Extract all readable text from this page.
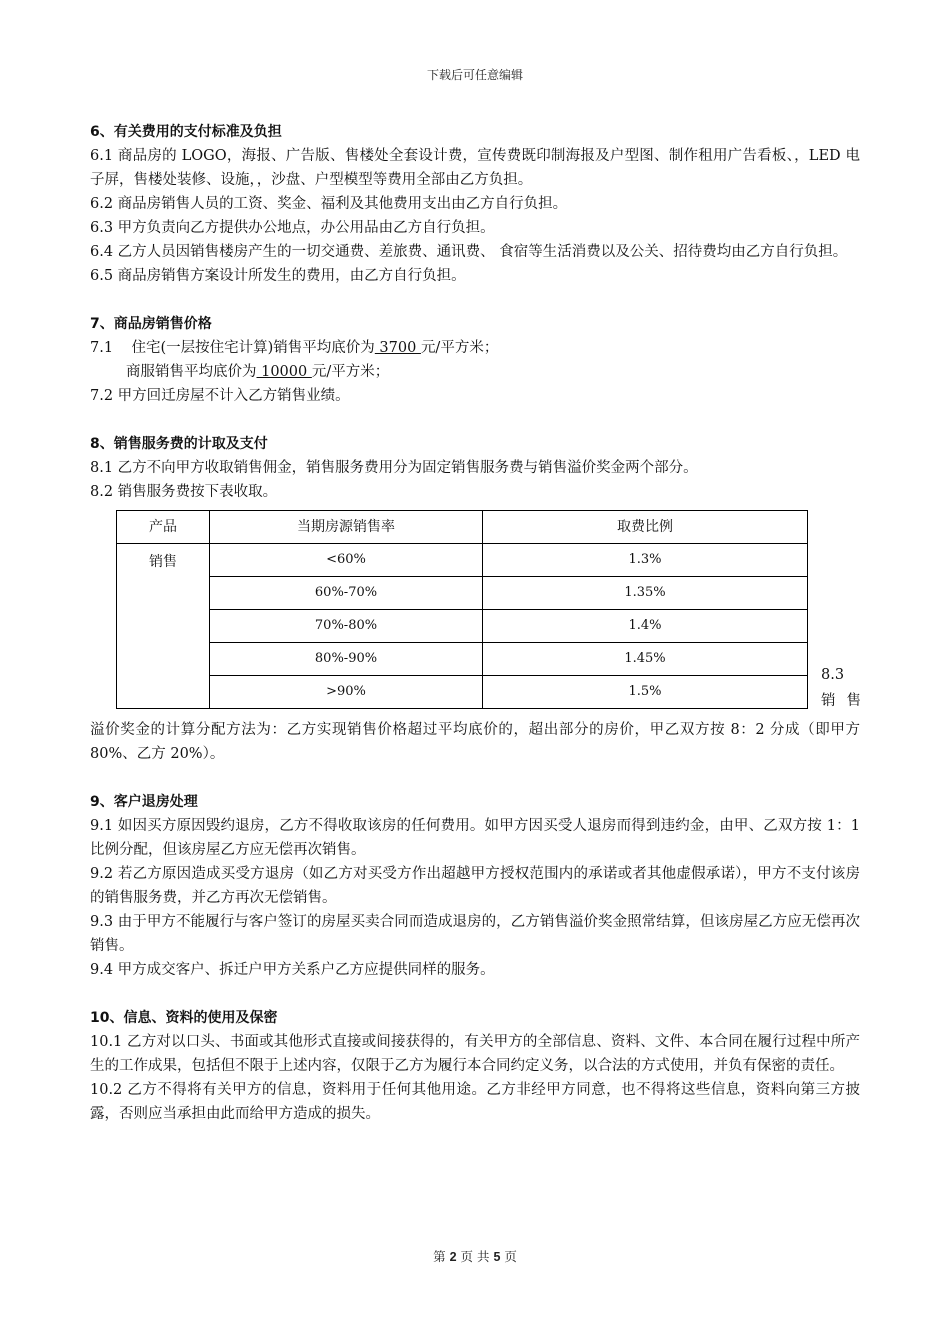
下载后可任意编辑

6、有关费用的支付标准及负担

6.1 商品房的 LOGO，海报、广告版、售楼处全套设计费，宣传费既印制海报及户型图、制作租用广告看板、，LED 电子屏，售楼处装修、设施，，沙盘、户型模型等费用全部由乙方负担。

6.2 商品房销售人员的工资、奖金、福利及其他费用支出由乙方自行负担。

6.3 甲方负责向乙方提供办公地点，办公用品由乙方自行负担。

6.4 乙方人员因销售楼房产生的一切交通费、差旅费、通讯费、 食宿等生活消费以及公关、招待费均由乙方自行负担。

6.5 商品房销售方案设计所发生的费用，由乙方自行负担。

7、商品房销售价格

7.1    住宅(一层按住宅计算)销售平均底价为 3700 元/平方米；

商服销售平均底价为 10000 元/平方米；

7.2 甲方回迁房屋不计入乙方销售业绩。

8、销售服务费的计取及支付

8.1 乙方不向甲方收取销售佣金，销售服务费用分为固定销售服务费与销售溢价奖金两个部分。

8.2 销售服务费按下表收取。

产品	当期房源销售率	取费比例
销售	<60%	1.3%
	60%-70%	1.35%
	70%-80%	1.4%
	80%-90%	1.45%
	>90%	1.5%
8.3
销售

溢价奖金的计算分配方法为：乙方实现销售价格超过平均底价的，超出部分的房价，甲乙双方按 8：2 分成（即甲方 80%、乙方 20%）。

9、客户退房处理

9.1 如因买方原因毁约退房，乙方不得收取该房的任何费用。如甲方因买受人退房而得到违约金，由甲、乙双方按 1：1 比例分配，但该房屋乙方应无偿再次销售。

9.2 若乙方原因造成买受方退房（如乙方对买受方作出超越甲方授权范围内的承诺或者其他虚假承诺），甲方不支付该房的销售服务费，并乙方再次无偿销售。

9.3 由于甲方不能履行与客户签订的房屋买卖合同而造成退房的，乙方销售溢价奖金照常结算，但该房屋乙方应无偿再次销售。

9.4 甲方成交客户、拆迁户甲方关系户乙方应提供同样的服务。

10、信息、资料的使用及保密

10.1 乙方对以口头、书面或其他形式直接或间接获得的，有关甲方的全部信息、资料、文件、本合同在履行过程中所产生的工作成果，包括但不限于上述内容，仅限于乙方为履行本合同约定义务，以合法的方式使用，并负有保密的责任。

10.2 乙方不得将有关甲方的信息，资料用于任何其他用途。乙方非经甲方同意，也不得将这些信息，资料向第三方披露，否则应当承担由此而给甲方造成的损失。

第 2 页 共 5 页
